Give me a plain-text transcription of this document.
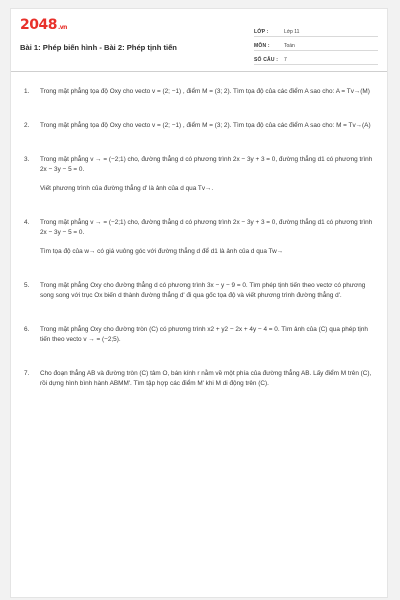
2048.vn
Bài 1: Phép biến hình - Bài 2: Phép tịnh tiến
LỚP :	Lớp 11
MÔN :	Toán
SỐ CÂU :	7
1.	Trong mặt phẳng tọa độ Oxy cho vecto v = (2; −1) , điểm M = (3; 2). Tìm tọa độ của các điểm A sao cho: A = Tv→(M)

2.	Trong mặt phẳng tọa độ Oxy cho vecto v = (2; −1) , điểm M = (3; 2). Tìm tọa độ của các điểm A sao cho: M = Tv→(A)

3.	Trong mặt phẳng v → = (−2;1) cho, đường thẳng d có phương trình 2x − 3y + 3 = 0, đường thẳng d1 có phương trình 2x − 3y − 5 = 0.

Viết phương trình của đường thẳng d' là ảnh của d qua Tv→.

4.	Trong mặt phẳng v → = (−2;1) cho, đường thẳng d có phương trình 2x − 3y + 3 = 0, đường thẳng d1 có phương trình 2x − 3y − 5 = 0.

Tìm tọa độ của w→ có giá vuông góc với đường thẳng d để d1 là ảnh của d qua Tw→

5.	Trong mặt phẳng Oxy cho đường thẳng d có phương trình 3x − y − 9 = 0. Tìm phép tịnh tiến theo vectơ có phương song song với trục Ox biến d thành đường thẳng d' đi qua gốc tọa độ và viết phương trình đường thẳng d'.

6.	Trong mặt phẳng Oxy cho đường tròn (C) có phương trình x2 + y2 − 2x + 4y − 4 = 0. Tìm ảnh của (C) qua phép tịnh tiến theo vecto v → = (−2;5).

7.	Cho đoạn thẳng AB và đường tròn (C) tâm O, bán kính r nằm về một phía của đường thẳng AB. Lấy điểm M trên (C), rồi dựng hình bình hành ABMM'. Tìm tập hợp các điểm M' khi M di động trên (C).
